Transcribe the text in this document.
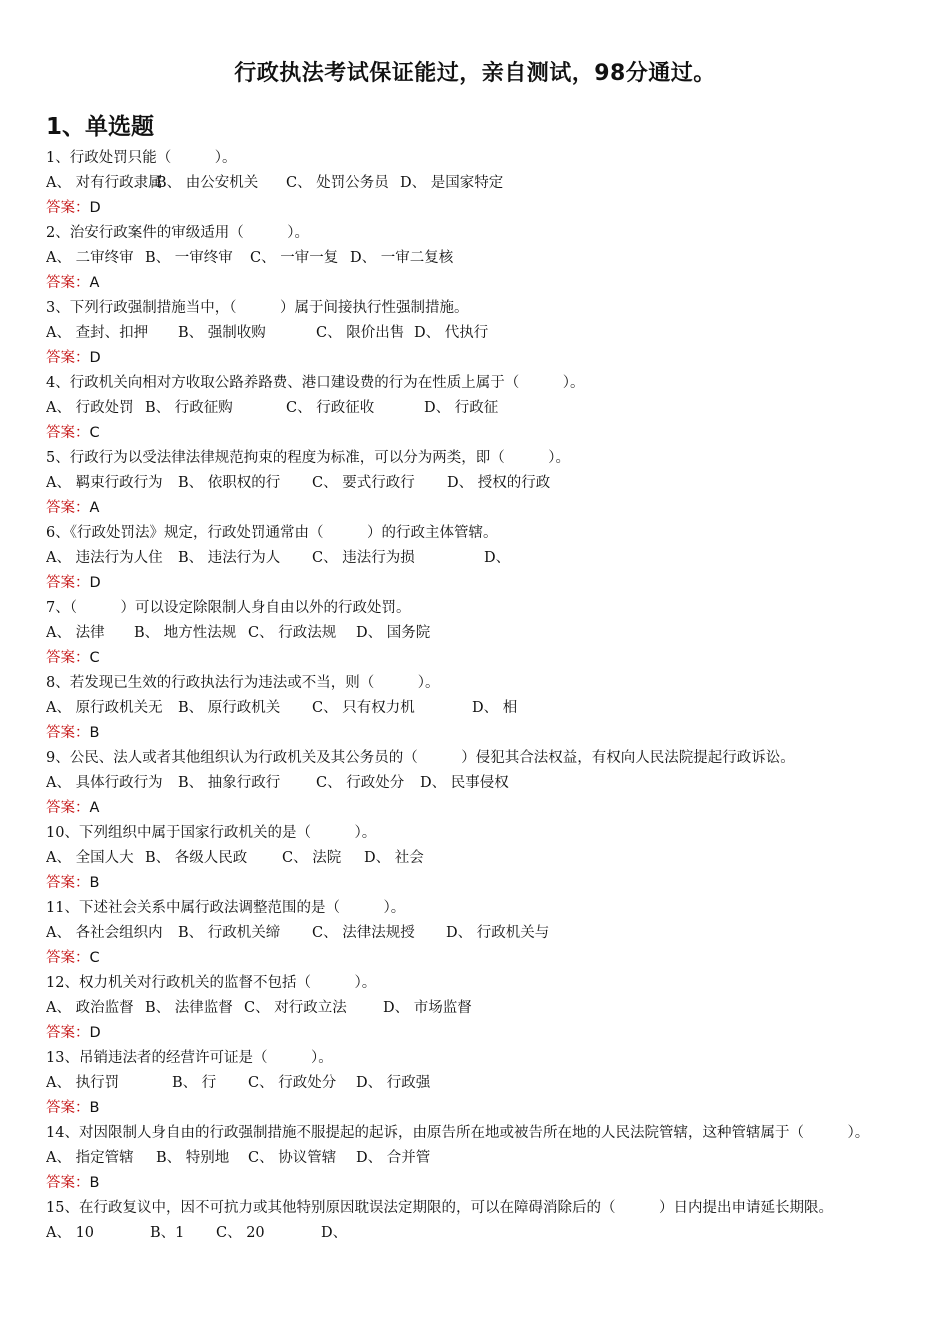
行政执法考试保证能过，亲自测试，98分通过。
1、单选题
1、行政处罚只能（　　　）。
A、 对有行政隶属
B、 由公安机关 C、 处罚公务员 D、 是国家特定
答案：D
2、治安行政案件的审级适用（　　　）。
A、 二审终审 B、 一审终审 C、 一审一复 D、 一审二复核
答案：A
3、下列行政强制措施当中，（　　　）属于间接执行性强制措施。
A、 查封、扣押 B、 强制收购	C、 限价出售 D、 代执行
答案：D
4、行政机关向相对方收取公路养路费、港口建设费的行为在性质上属于（　　　）。
A、 行政处罚 B、 行政征购	C、 行政征收	D、 行政征
答案：C
5、行政行为以受法律法律规范拘束的程度为标准，可以分为两类，即（　　　）。
A、 羁束行政行为 B、 依职权的行 C、 要式行政行 D、 授权的行政
答案：A
6、《行政处罚法》规定，行政处罚通常由（　　　）的行政主体管辖。
A、 违法行为人住 B、 违法行为人 C、 违法行为损	D、
答案：D
7、（　　　）可以设定除限制人身自由以外的行政处罚。
A、 法律 B、 地方性法规 C、 行政法规 D、 国务院
答案：C
8、若发现已生效的行政执法行为违法或不当，则（　　　）。
A、 原行政机关无 B、 原行政机关 C、 只有权力机	D、 相
答案：B
9、公民、法人或者其他组织认为行政机关及其公务员的（　　　）侵犯其合法权益，有权向人民法院提起行政诉讼。
A、 具体行政行为 B、 抽象行政行 C、 行政处分 D、 民事侵权
答案：A
10、下列组织中属于国家行政机关的是（　　　）。
A、 全国人大 B、 各级人民政 C、 法院 D、 社会
答案：B
11、下述社会关系中属行政法调整范围的是（　　　）。
A、 各社会组织内 B、 行政机关缔 C、 法律法规授 D、 行政机关与
答案：C
12、权力机关对行政机关的监督不包括（　　　）。
A、 政治监督 B、 法律监督 C、 对行政立法	D、 市场监督
答案：D
13、吊销违法者的经营许可证是（　　　）。
A、 执行罚	B、 行 C、 行政处分 D、 行政强
答案：B
14、对因限制人身自由的行政强制措施不服提起的起诉，由原告所在地或被告所在地的人民法院管辖，这种管辖属于（　　　）。
A、 指定管辖 B、 特别地 C、 协议管辖 D、 合并管
答案：B
15、在行政复议中，因不可抗力或其他特别原因耽误法定期限的，可以在障碍消除后的（　　　）日内提出申请延长期限。
A、 10	B、1 C、 20	D、
